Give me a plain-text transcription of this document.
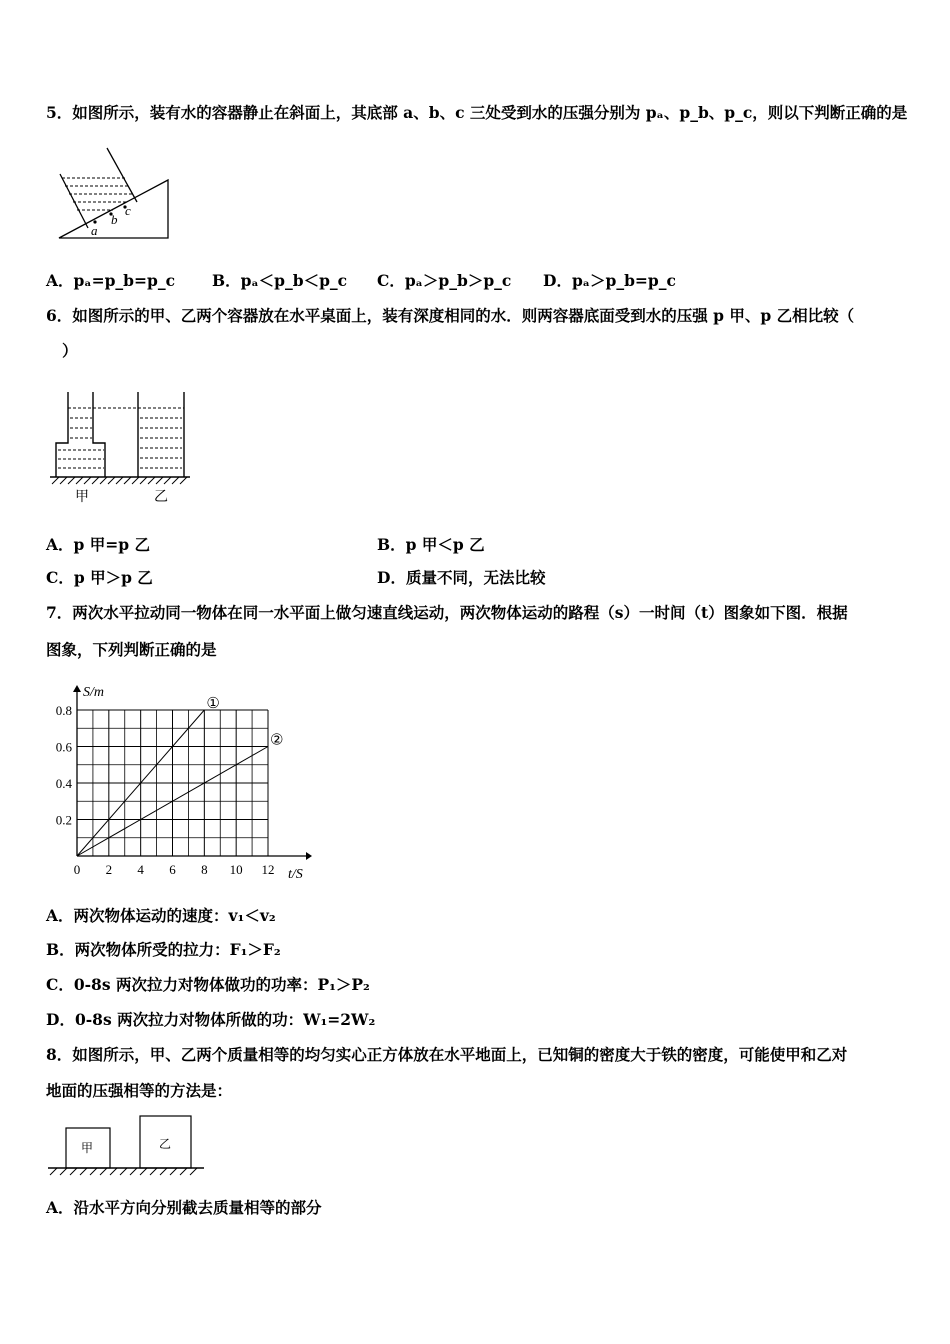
5．如图所示，装有水的容器静止在斜面上，其底部 a、b、c 三处受到水的压强分别为 pₐ、p_b、p_c，则以下判断正确的是
a
b
c
A．pₐ=p_b=p_c B．pₐ＜p_b＜p_c C．pₐ＞p_b＞p_c D．pₐ＞p_b=p_c
6．如图所示的甲、乙两个容器放在水平桌面上，装有深度相同的水．则两容器底面受到水的压强 p 甲、p 乙相比较（
）
甲	乙
A．p 甲=p 乙	B．p 甲＜p 乙
C．p 甲＞p 乙	D．质量不同，无法比较
7．两次水平拉动同一物体在同一水平面上做匀速直线运动，两次物体运动的路程（s）一时间（t）图象如下图．根据
图象，下列判断正确的是
S/m
t/S
0 2 4 6 8 10 12
0.2
0.4
0.6
0.8	①
②
A．两次物体运动的速度：v₁＜v₂
B．两次物体所受的拉力：F₁＞F₂
C．0-8s 两次拉力对物体做功的功率：P₁＞P₂
D．0-8s 两次拉力对物体所做的功：W₁=2W₂
8．如图所示，甲、乙两个质量相等的均匀实心正方体放在水平地面上，已知铜的密度大于铁的密度，可能使甲和乙对
地面的压强相等的方法是：
甲	乙
A．沿水平方向分别截去质量相等的部分
